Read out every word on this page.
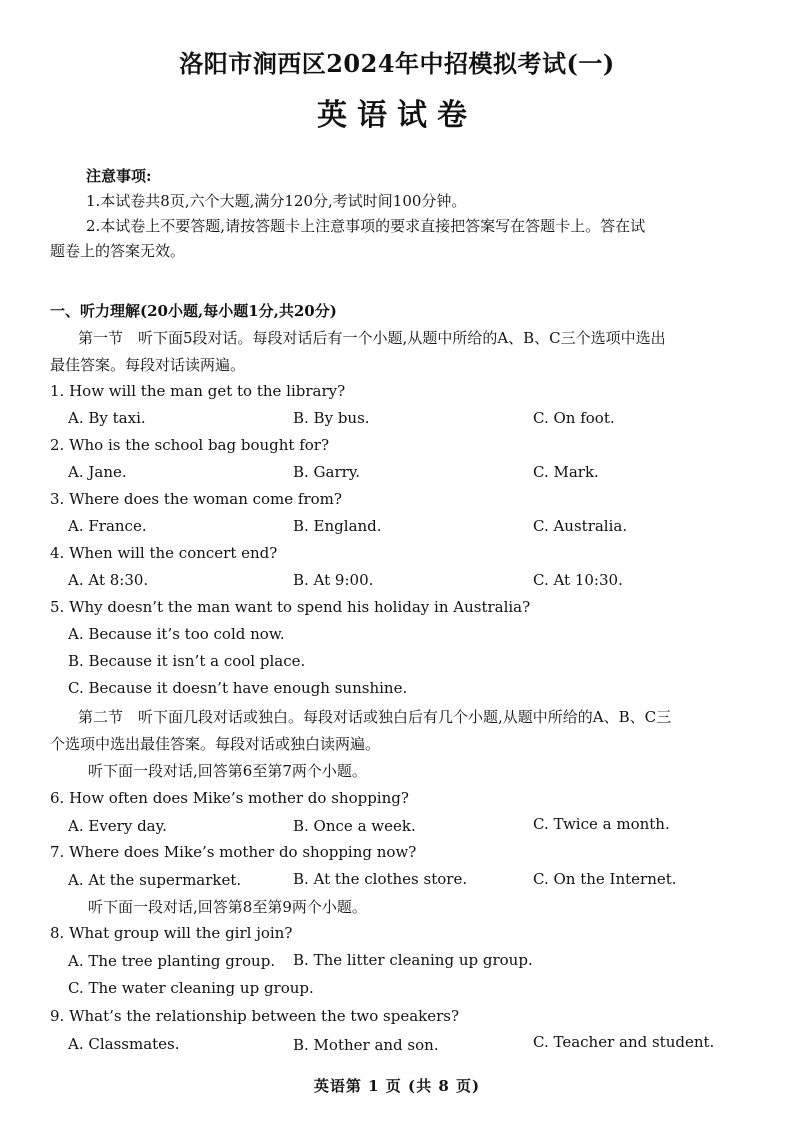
洛阳市涧西区2024年中招模拟考试(一)
英语试卷
注意事项:
1.本试卷共8页,六个大题,满分120分,考试时间100分钟。
2.本试卷上不要答题,请按答题卡上注意事项的要求直接把答案写在答题卡上。答在试
题卷上的答案无效。
一、听力理解(20小题,每小题1分,共20分)
第一节　听下面5段对话。每段对话后有一个小题,从题中所给的A、B、C三个选项中选出
最佳答案。每段对话读两遍。
1. How will the man get to the library?
A. By taxi.	B. By bus.	C. On foot.
2. Who is the school bag bought for?
A. Jane.	B. Garry.	C. Mark.
3. Where does the woman come from?
A. France.	B. England.	C. Australia.
4. When will the concert end?
A. At 8:30.	B. At 9:00.	C. At 10:30.
5. Why doesn’t the man want to spend his holiday in Australia?
A. Because it’s too cold now.
B. Because it isn’t a cool place.
C. Because it doesn’t have enough sunshine.
第二节　听下面几段对话或独白。每段对话或独白后有几个小题,从题中所给的A、B、C三
个选项中选出最佳答案。每段对话或独白读两遍。
听下面一段对话,回答第6至第7两个小题。
6. How often does Mike’s mother do shopping?
A. Every day.	B. Once a week.	C. Twice a month.
7. Where does Mike’s mother do shopping now?
A. At the supermarket.	B. At the clothes store.	C. On the Internet.
听下面一段对话,回答第8至第9两个小题。
8. What group will the girl join?
A. The tree planting group. B. The litter cleaning up group.
C. The water cleaning up group.
9. What’s the relationship between the two speakers?
A. Classmates.	B. Mother and son.	C. Teacher and student.
英语第 1 页 (共 8 页)
